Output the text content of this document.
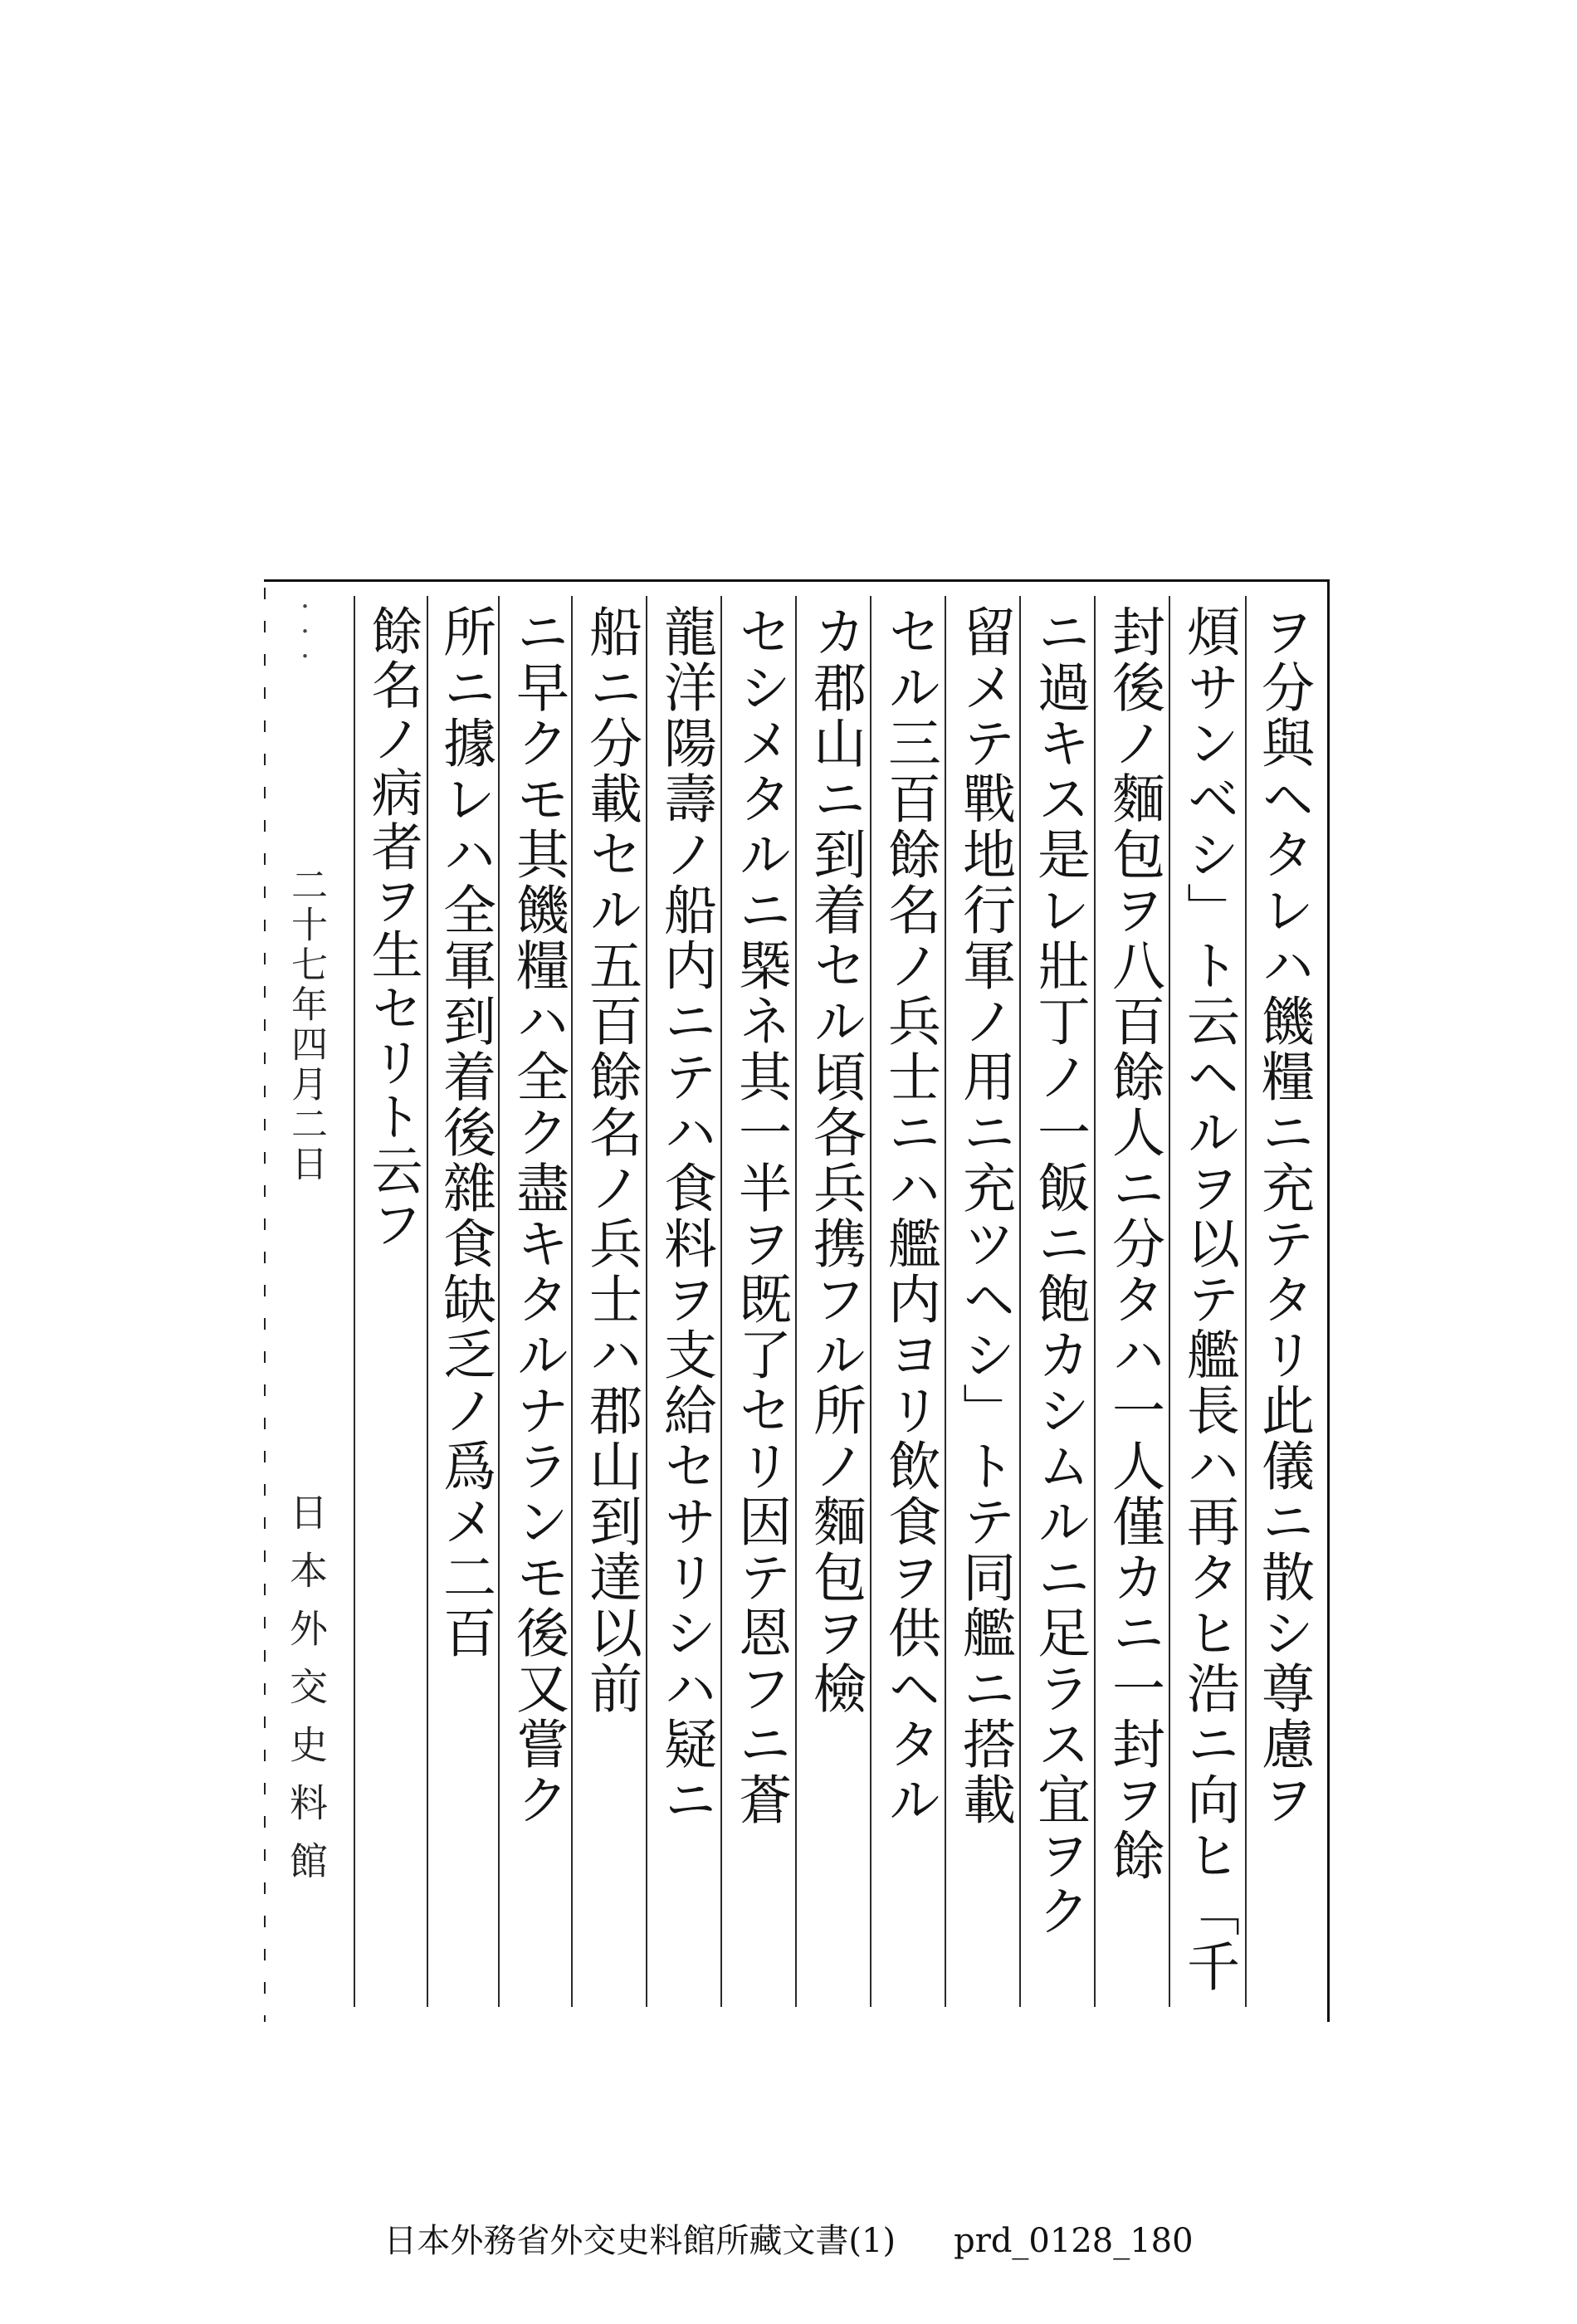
ヲ分與ヘタレハ饑糧ニ充テタリ此儀ニ散シ尊慮ヲ
煩サンベシ」ト云ヘルヲ以テ艦長ハ再タヒ浩ニ向ヒ「千
封後ノ麵包ヲ八百餘人ニ分タハ一人僅カニ一封ヲ餘
ニ過キス是レ壯丁ノ一飯ニ飽カシムルニ足ラス宜ヲク
留メテ戰地行軍ノ用ニ充ツヘシ」トテ同艦ニ搭載
セル三百餘名ノ兵士ニハ艦内ヨリ飲食ヲ供ヘタル
カ郡山ニ到着セル頃各兵携フル所ノ麵包ヲ檢
セシメタルニ槩ネ其一半ヲ既了セリ因テ恩フニ蒼
龍洋陽壽ノ船内ニテハ食料ヲ支給セサリシハ疑ニ
船ニ分載セル五百餘名ノ兵士ハ郡山到達以前
ニ早クモ其饑糧ハ全ク盡キタルナランモ後又嘗ク
所ニ據レハ全軍到着後雜食缺乏ノ爲メ二百
餘名ノ病者ヲ生セリト云フ
・・・
二十七年四月二日
日本外交史料館
日本外務省外交史料館所藏文書(1) prd_0128_180
